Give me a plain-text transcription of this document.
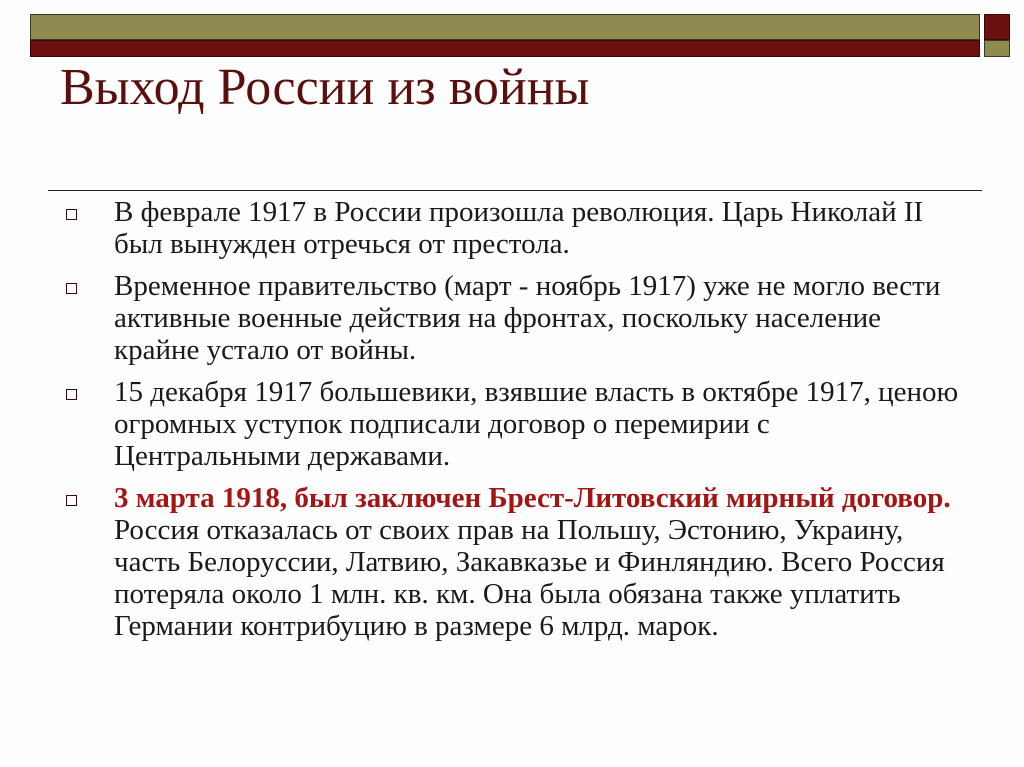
Выход России из войны
В феврале 1917 в России произошла революция. Царь Николай II был вынужден отречься от престола.
Временное правительство (март - ноябрь 1917) уже не могло вести активные военные действия на фронтах, поскольку население крайне устало от войны.
15 декабря 1917 большевики, взявшие власть в октябре 1917, ценою огромных уступок подписали договор о перемирии с Центральными державами.
3 марта 1918, был заключен Брест-Литовский мирный договор. Россия отказалась от своих прав на Польшу, Эстонию, Украину, часть Белоруссии, Латвию, Закавказье и Финляндию. Всего Россия потеряла около 1 млн. кв. км. Она была обязана также уплатить Германии контрибуцию в размере 6 млрд. марок.
